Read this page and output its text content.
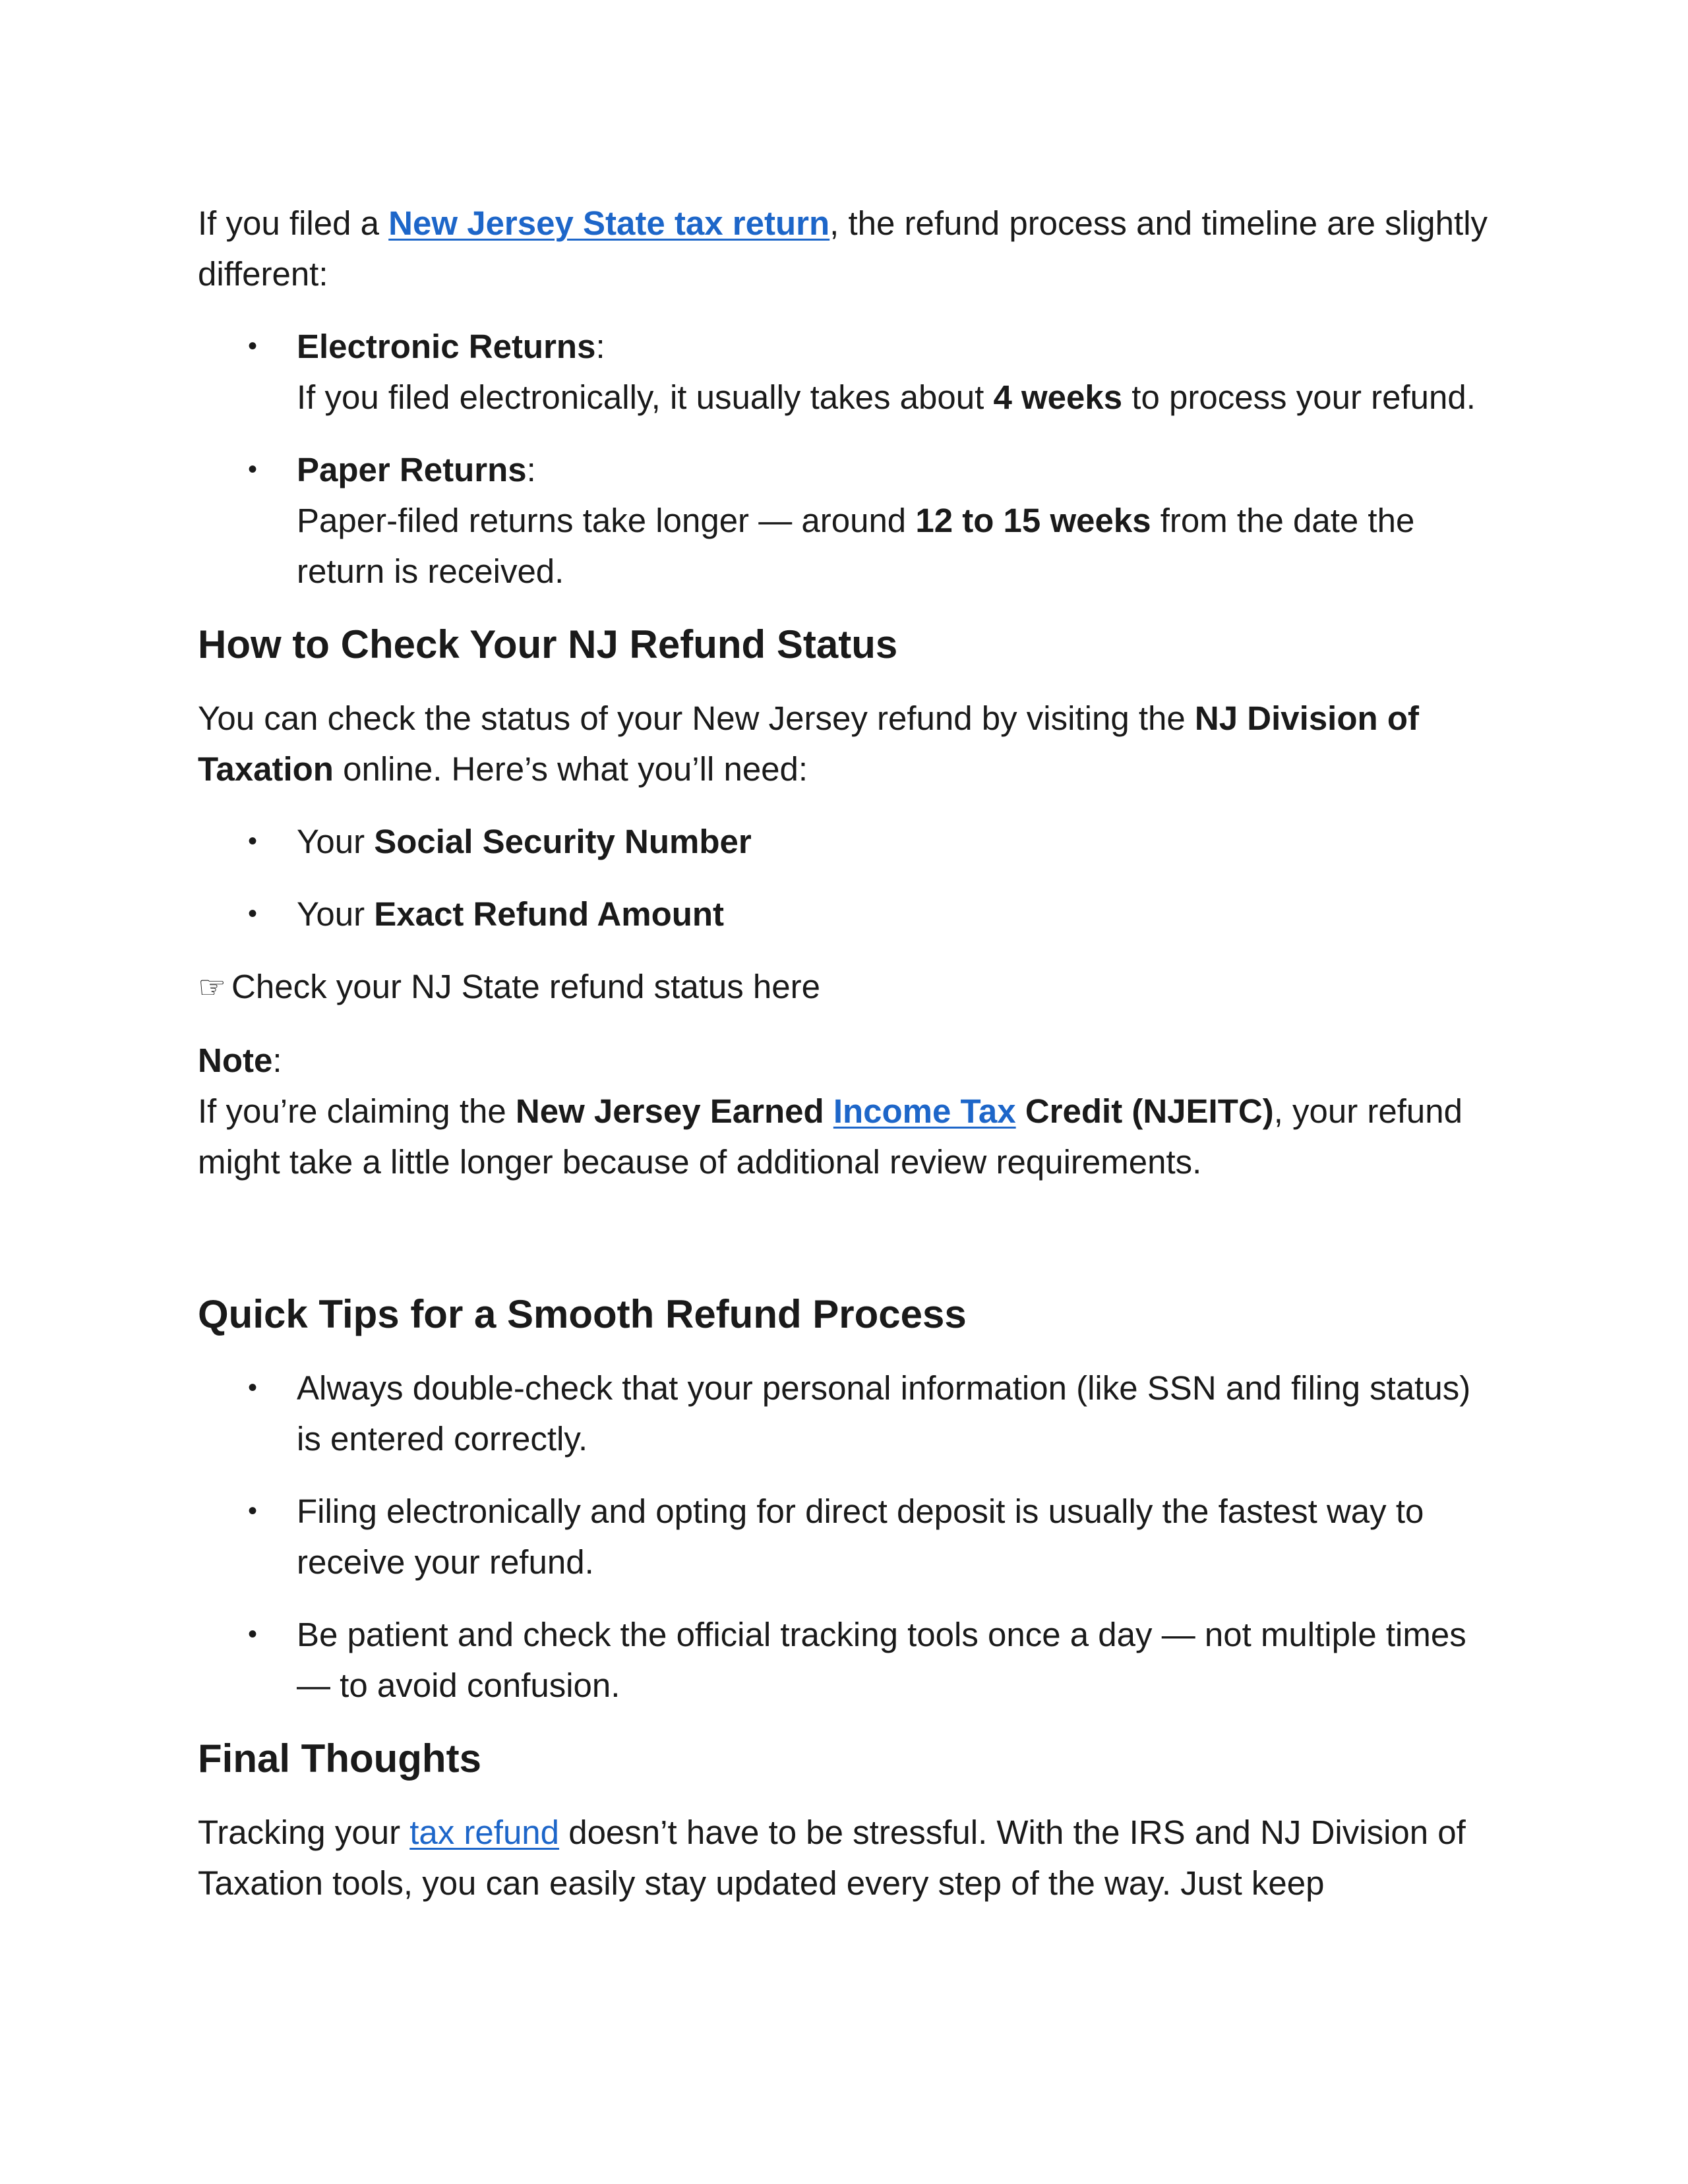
If you filed a New Jersey State tax return, the refund process and timeline are slightly different:

• Electronic Returns:
If you filed electronically, it usually takes about 4 weeks to process your refund.
• Paper Returns:
Paper-filed returns take longer — around 12 to 15 weeks from the date the return is received.
How to Check Your NJ Refund Status

You can check the status of your New Jersey refund by visiting the NJ Division of Taxation online. Here’s what you’ll need:

• Your Social Security Number
• Your Exact Refund Amount

☞ Check your NJ State refund status here

Note:
If you’re claiming the New Jersey Earned Income Tax Credit (NJEITC), your refund might take a little longer because of additional review requirements.

Quick Tips for a Smooth Refund Process
• Always double-check that your personal information (like SSN and filing status) is entered correctly.
• Filing electronically and opting for direct deposit is usually the fastest way to receive your refund.
• Be patient and check the official tracking tools once a day — not multiple times — to avoid confusion.
Final Thoughts

Tracking your tax refund doesn’t have to be stressful. With the IRS and NJ Division of Taxation tools, you can easily stay updated every step of the way. Just keep
